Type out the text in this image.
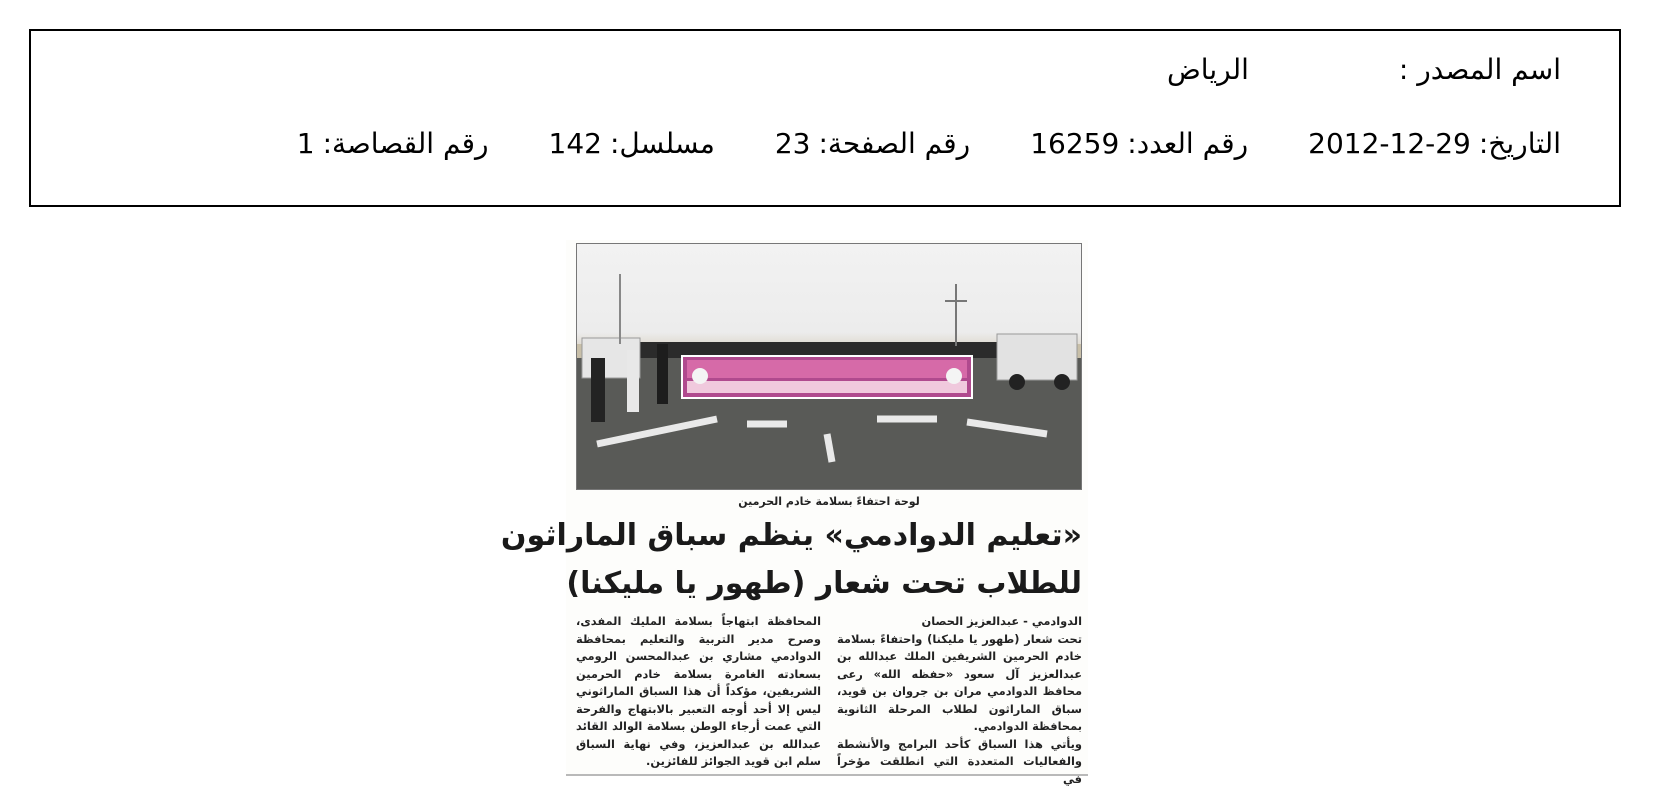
اسم المصدر :
الرياض
التاريخ:
2012-12-29
رقم العدد:
16259
رقم الصفحة:
23
مسلسل:
142
رقم القصاصة:
1
لوحة احتفاءً بسلامة خادم الحرمين
«تعليم الدوادمي» ينظم سباق الماراثون
للطلاب تحت شعار (طهور يا مليكنا)

الدوادمي - عبدالعزيز الحصان

تحت شعار (طهور يا مليكنا) واحتفاءً بسلامة خادم الحرمين الشريفين الملك عبدالله بن عبدالعزيز آل سعود «حفظه الله» رعى محافظ الدوادمي مران بن جروان بن قويد، سباق الماراثون لطلاب المرحلة الثانوية بمحافظة الدوادمي.

ويأتي هذا السباق كأحد البرامج والأنشطة والفعاليات المتعددة التي انطلقت مؤخراً في

المحافظة ابتهاجاً بسلامة المليك المفدى، وصرح مدير التربية والتعليم بمحافظة الدوادمي مشاري بن عبدالمحسن الرومي بسعادته الغامرة بسلامة خادم الحرمين الشريفين، مؤكداً أن هذا السباق الماراثوني ليس إلا أحد أوجه التعبير بالابتهاج والفرحة التي عمت أرجاء الوطن بسلامة الوالد القائد عبدالله بن عبدالعزيز، وفي نهاية السباق سلم ابن قويد الجوائز للفائزين.
